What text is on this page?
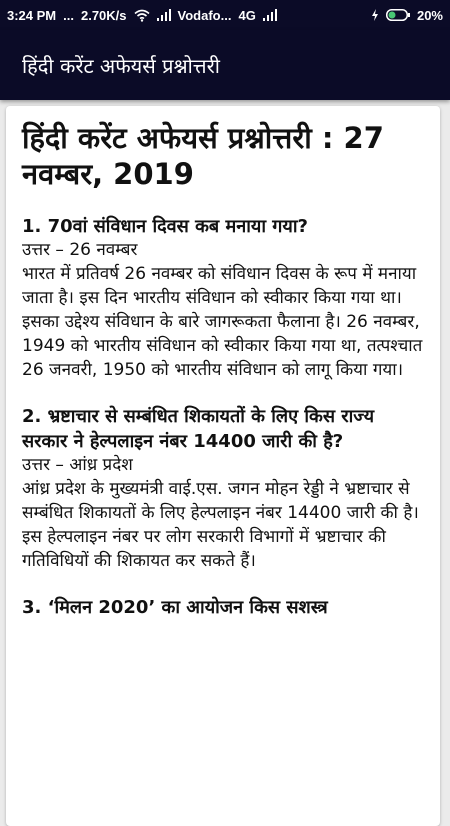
3:24 PM ... 2.70K/s	Vodafo... 4G	20%
हिंदी करेंट अफेयर्स प्रश्नोत्तरी
हिंदी करेंट अफेयर्स प्रश्नोत्तरी : 27 नवम्बर, 2019

1. 70वां संविधान दिवस कब मनाया गया?

उत्तर – 26 नवम्बर

भारत में प्रतिवर्ष 26 नवम्बर को संविधान दिवस के रूप में मनाया जाता है। इस दिन भारतीय संविधान को स्वीकार किया गया था। इसका उद्देश्य संविधान के बारे जागरूकता फैलाना है। 26 नवम्बर, 1949 को भारतीय संविधान को स्वीकार किया गया था, तत्पश्चात 26 जनवरी, 1950 को भारतीय संविधान को लागू किया गया।

2. भ्रष्टाचार से सम्बंधित शिकायतों के लिए किस राज्य सरकार ने हेल्पलाइन नंबर 14400 जारी की है?

उत्तर – आंध्र प्रदेश

आंध्र प्रदेश के मुख्यमंत्री वाई.एस. जगन मोहन रेड्डी ने भ्रष्टाचार से सम्बंधित शिकायतों के लिए हेल्पलाइन नंबर 14400 जारी की है। इस हेल्पलाइन नंबर पर लोग सरकारी विभागों में भ्रष्टाचार की गतिविधियों की शिकायत कर सकते हैं।

3. ‘मिलन 2020’ का आयोजन किस सशस्त्र
